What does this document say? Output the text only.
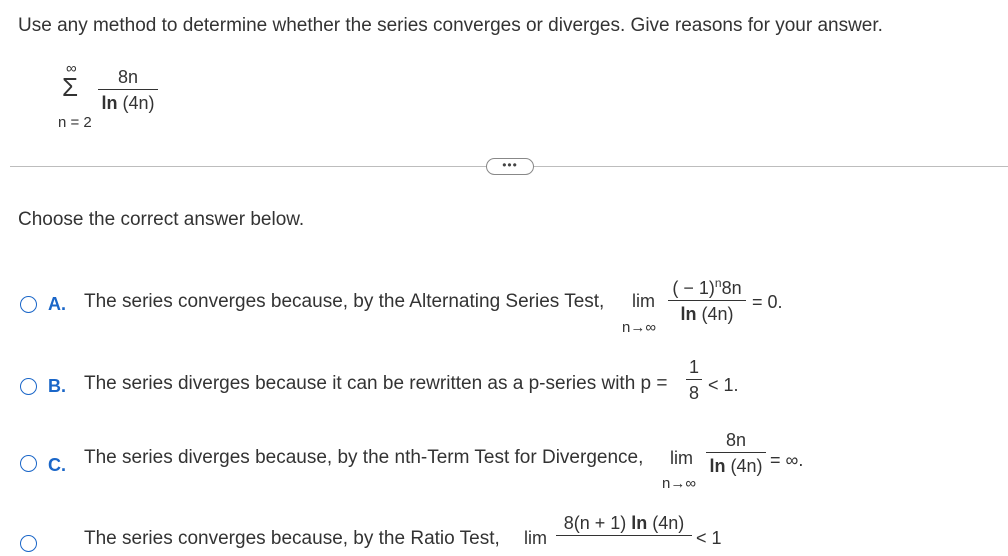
Use any method to determine whether the series converges or diverges. Give reasons for your answer.
∞
Σ
n = 2
8n
ln (4n)
•••
Choose the correct answer below.
A. The series converges because, by the Alternating Series Test, lim
n→∞
( − 1)$^n$8n
ln (4n)
= 0.
B. The series diverges because it can be rewritten as a p-series with p =
1
8 < 1.
C. The series diverges because, by the nth-Term Test for Divergence, lim
n→∞
8n
ln (4n) = ∞.
The series converges because, by the Ratio Test, lim
8(n + 1) ln (4n)
< 1
